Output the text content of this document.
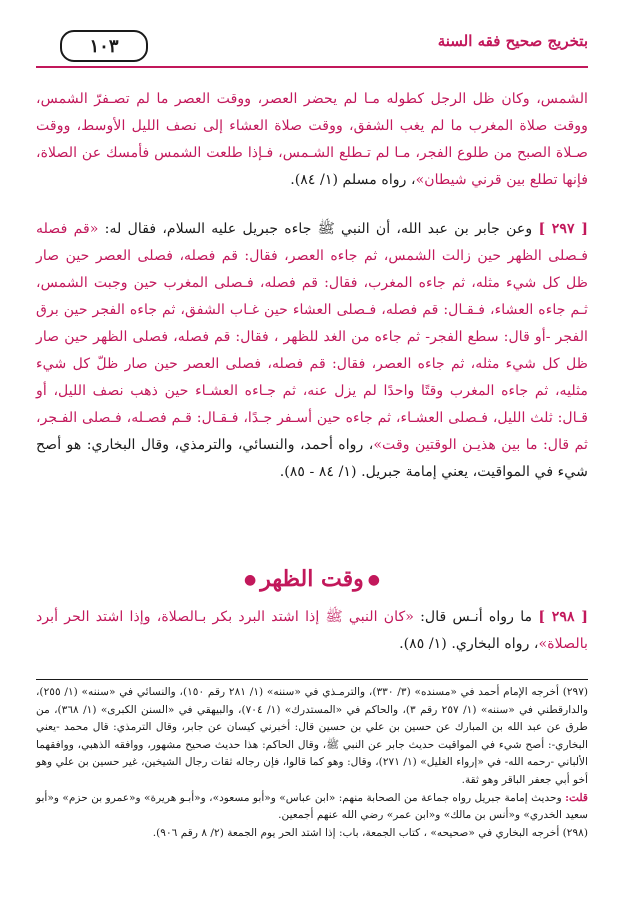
بتخريج صحيح فقه السنة
١٠٣
الشمس، وكان ظل الرجل كطوله مـا لم يحضر العصر، ووقت العصر ما لم تصـفرّ الشمس، ووقت صلاة المغرب ما لم يغب الشفق، ووقت صلاة العشاء إلى نصف الليل الأوسط، ووقت صـلاة الصبح من طلوع الفجر، مـا لم تـطلع الشـمس، فـإذا طلعت الشمس فأمسك عن الصلاة، فإنها تطلع بين قرني شيطان»، رواه مسلم (١/ ٨٤).
[ ٢٩٧ ] وعن جابر بن عبد الله، أن النبي ﷺ جاءه جبريل عليه السلام، فقال له: «قم فصله فـصلى الظهر حين زالت الشمس، ثم جاءه العصر، فقال: قم فصله، فصلى العصر حين صار ظل كل شيء مثله، ثم جاءه المغرب، فقال: قم فصله، فـصلى المغرب حين وجبت الشمس، ثـم جاءه العشاء، فـقـال: قم فصله، فـصلى العشاء حين غـاب الشفق، ثم جاءه الفجر حين برق الفجر -أو قال: سطع الفجر- ثم جاءه من الغد للظهر ، فقال: قم فصله، فصلى الظهر حين صار ظل كل شيء مثله، ثم جاءه العصر، فقال: قم فصله، فصلى العصر حين صار ظلّ كل شيء مثليه، ثم جاءه المغرب وقتًا واحدًا لم يزل عنه، ثم جـاءه العشـاء حين ذهب نصف الليل، أو قـال: ثلث الليل، فـصلى العشـاء، ثم جاءه حين أسـفر جـدًا، فـقـال: قـم فصـله، فـصلى الفـجر، ثم قال: ما بين هذيـن الوقتين وقت»، رواه أحمد، والنسائي، والترمذي، وقال البخاري: هو أصح شيء في المواقيت، يعني إمامة جبريل. (١/ ٨٤ - ٨٥).
●وقت الظهر●
[ ٢٩٨ ] ما رواه أنـس قال: «كان النبي ﷺ إذا اشتد البرد بكر بـالصلاة، وإذا اشتد الحر أبرد بالصلاة»، رواه البخاري. (١/ ٨٥).

(٢٩٧) أخرجه الإمام أحمد في «مسنده» (٣/ ٣٣٠)، والترمـذي في «سننه» (١/ ٢٨١ رقم ١٥٠)، والنسائي في «سننه» (١/ ٢٥٥)، والدارقطني في «سننه» (١/ ٢٥٧ رقم ٣)، والحاكم في «المستدرك» (١/ ٧٠٤)، والبيهقي في «السنن الكبرى» (١/ ٣٦٨)، من طرق عن عبد الله بن المبارك عن حسين بن علي بن حسين قال: أخبرني كيسان عن جابر، وقال الترمذي: قال محمد -يعني البخاري-: أصح شيء في المواقيت حديث جابر عن النبي ﷺ، وقال الحاكم: هذا حديث صحيح مشهور، ووافقه الذهبي، ووافقهما الألباني -رحمه الله- في «إرواء الغليل» (١/ ٢٧١)، وقال: وهو كما قالوا، فإن رجاله ثقات رجال الشيخين، غير حسين بن علي وهو أخو أبي جعفر الباقر وهو ثقة.

قلت: وحديث إمامة جبريل رواه جماعة من الصحابة منهم: «ابن عباس» و«أبو مسعود»، و«أبـو هريرة» و«عمرو بن حزم» و«أبو سعيد الخدري» و«أنس بن مالك» و«ابن عمر» رضي الله عنهم أجمعين.

(٢٩٨) أخرجه البخاري في «صحيحه» ، كتاب الجمعة، باب: إذا اشتد الحر يوم الجمعة (٢/ ٨ رقم ٩٠٦).
